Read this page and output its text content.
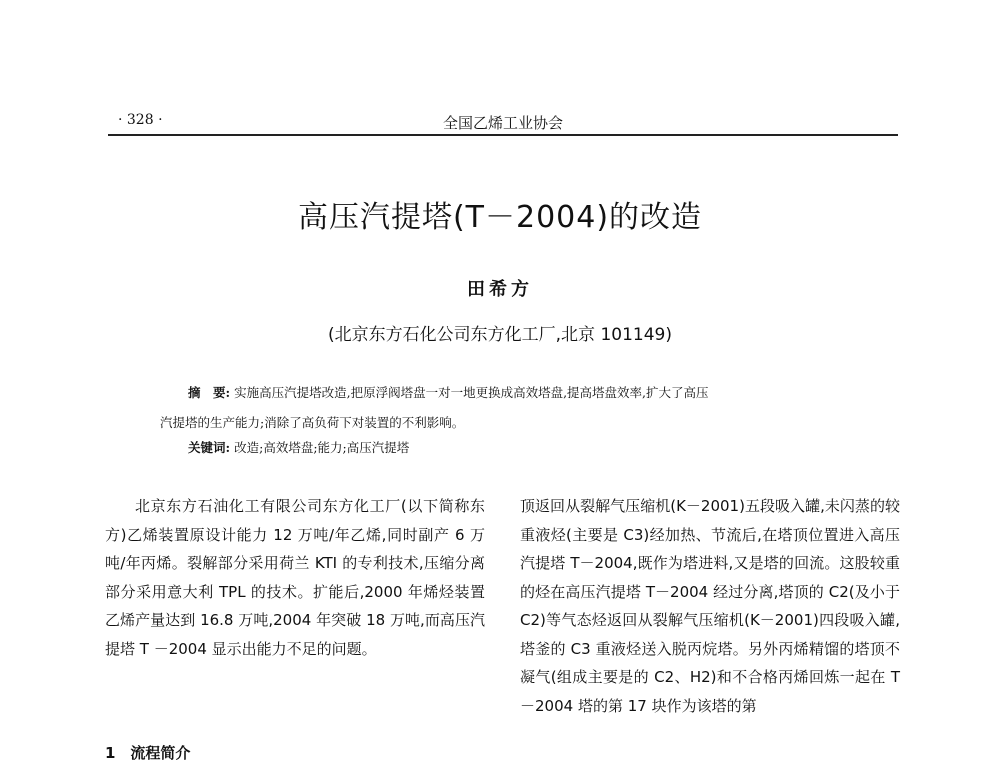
· 328 ·	全国乙烯工业协会
高压汽提塔(T－2004)的改造
田希方
(北京东方石化公司东方化工厂,北京 101149)

摘　要: 实施高压汽提塔改造,把原浮阀塔盘一对一地更换成高效塔盘,提高塔盘效率,扩大了高压

汽提塔的生产能力;消除了高负荷下对装置的不利影响。

关键词: 改造;高效塔盘;能力;高压汽提塔

北京东方石油化工有限公司东方化工厂(以下简称东方)乙烯装置原设计能力 12 万吨/年乙烯,同时副产 6 万吨/年丙烯。裂解部分采用荷兰 KTI 的专利技术,压缩分离部分采用意大利 TPL 的技术。扩能后,2000 年烯烃装置乙烯产量达到 16.8 万吨,2004 年突破 18 万吨,而高压汽提塔 T －2004 显示出能力不足的问题。

1　流程简介

顶返回从裂解气压缩机(K－2001)五段吸入罐,未闪蒸的较重液烃(主要是 C3)经加热、节流后,在塔顶位置进入高压汽提塔 T－2004,既作为塔进料,又是塔的回流。这股较重的烃在高压汽提塔 T－2004 经过分离,塔顶的 C2(及小于 C2)等气态烃返回从裂解气压缩机(K－2001)四段吸入罐,塔釜的 C3 重液烃送入脱丙烷塔。另外丙烯精馏的塔顶不凝气(组成主要是的 C2、H2)和不合格丙烯回炼一起在 T－2004 塔的第 17 块作为该塔的第
